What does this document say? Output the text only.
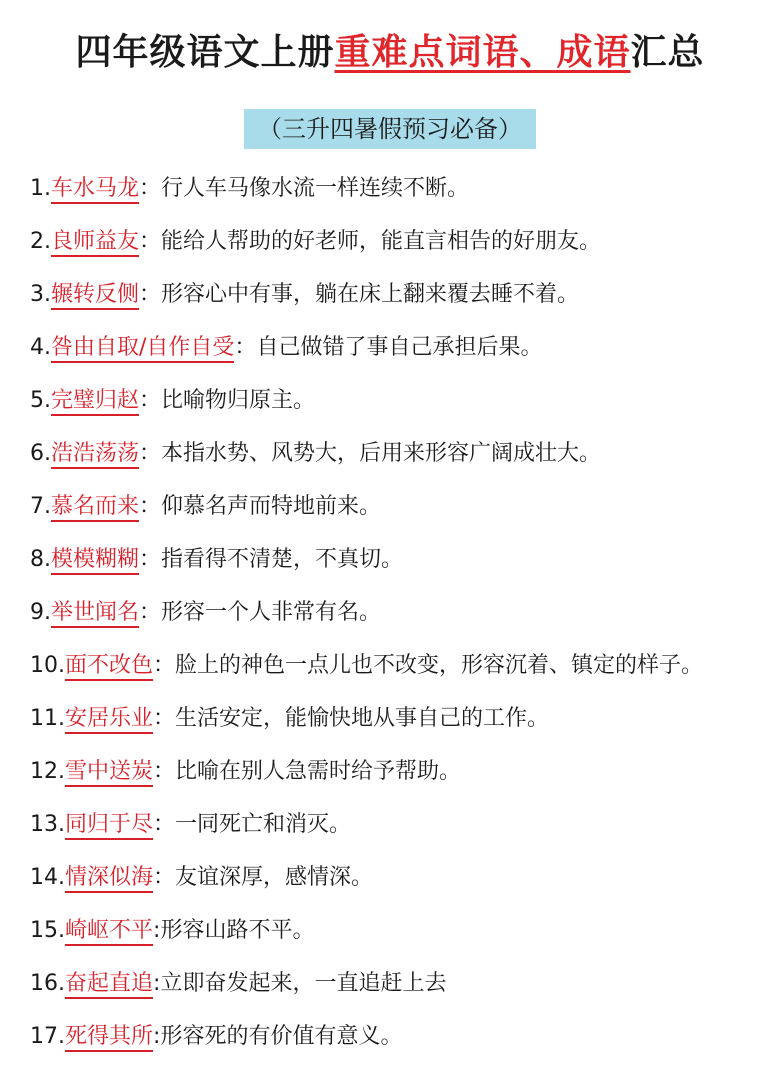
四年级语文上册重难点词语、成语汇总
（三升四暑假预习必备）
1.车水马龙：行人车马像水流一样连续不断。
2.良师益友：能给人帮助的好老师，能直言相告的好朋友。
3.辗转反侧：形容心中有事，躺在床上翻来覆去睡不着。
4.咎由自取/自作自受：自己做错了事自己承担后果。
5.完璧归赵：比喻物归原主。
6.浩浩荡荡：本指水势、风势大，后用来形容广阔成壮大。
7.慕名而来：仰慕名声而特地前来。
8.模模糊糊：指看得不清楚，不真切。
9.举世闻名：形容一个人非常有名。
10.面不改色：脸上的神色一点儿也不改变，形容沉着、镇定的样子。
11.安居乐业：生活安定，能愉快地从事自己的工作。
12.雪中送炭：比喻在别人急需时给予帮助。
13.同归于尽：一同死亡和消灭。
14.情深似海：友谊深厚，感情深。
15.崎岖不平:形容山路不平。
16.奋起直追:立即奋发起来，一直追赶上去
17.死得其所:形容死的有价值有意义。
